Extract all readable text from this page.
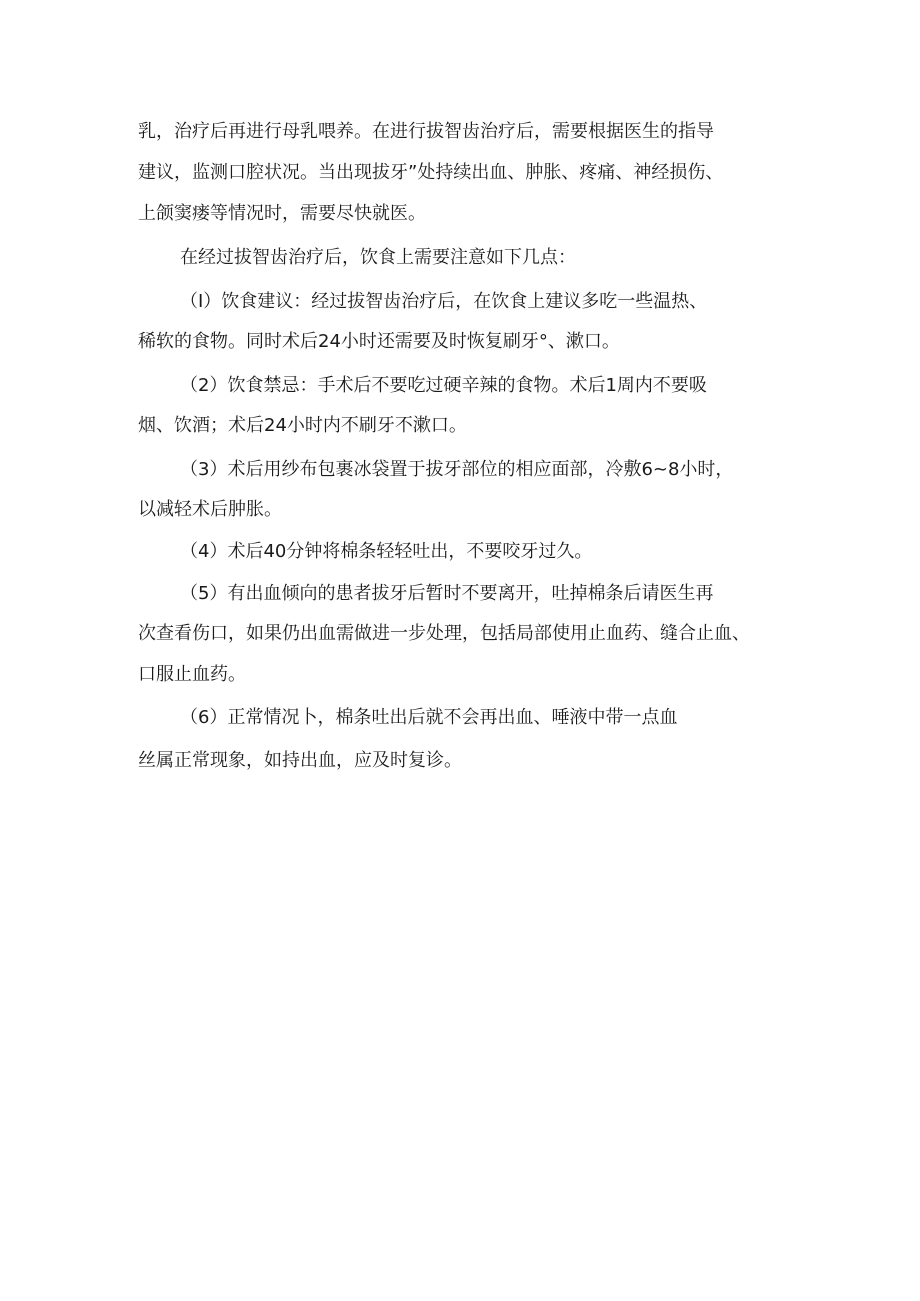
乳，治疗后再进行母乳喂养。在进行拔智齿治疗后，需要根据医生的指导

建议，监测口腔状况。当出现拔牙”处持续出血、肿胀、疼痛、神经损伤、

上颌窦瘘等情况时，需要尽快就医。

在经过拔智齿治疗后，饮食上需要注意如下几点：

（I）饮食建议：经过拔智齿治疗后，在饮食上建议多吃一些温热、

稀软的食物。同时术后24小时还需要及时恢复刷牙°、漱口。

（2）饮食禁忌：手术后不要吃过硬辛辣的食物。术后1周内不要吸

烟、饮酒；术后24小时内不刷牙不漱口。

（3）术后用纱布包裹冰袋置于拔牙部位的相应面部，冷敷6~8小时，

以减轻术后肿胀。

（4）术后40分钟将棉条轻轻吐出，不要咬牙过久。

（5）有出血倾向的患者拔牙后暂时不要离开，吐掉棉条后请医生再

次查看伤口，如果仍出血需做进一步处理，包括局部使用止血药、缝合止血、

口服止血药。

（6）正常情况卜，棉条吐出后就不会再出血、唾液中带一点血

丝属正常现象，如持出血，应及时复诊。
